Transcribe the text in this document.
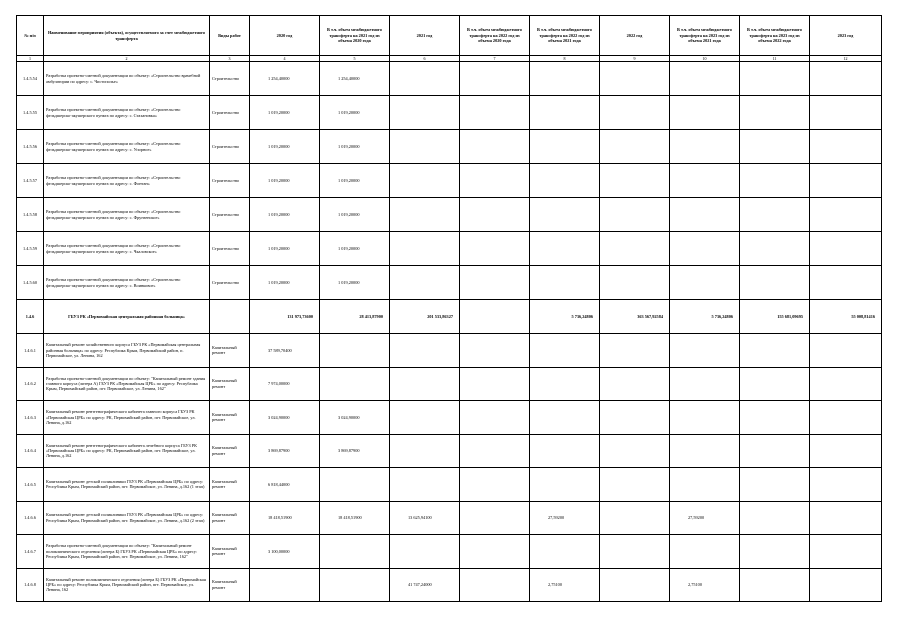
№ п/п	Наименование мероприятия (объекта), осуществляемого за счет межбюджетного трансферта	Виды работ	2020 год	В т.ч. объем межбюджетного трансферта на 2021 год из объема 2020 года	2021 год	В т.ч. объем межбюджетного трансферта на 2022 год из объема 2020 года	В т.ч. объем межбюджетного трансферта на 2022 год из объема 2021 года	2022 год	В т.ч. объем межбюджетного трансферта на 2023 год из объема 2021 года	В т.ч. объем межбюджетного трансферта на 2023 год из объема 2022 года	2023 год
1	2	3	4	5	6	7	8	9	10	11	12
1.4.5.54	Разработка проектно-сметной документации по объекту: «Строительство врачебной амбулатории по адресу: с. Чистополье»	Строительство	1 254,40000	1 254,40000							
1.4.5.55	Разработка проектно-сметной документации по объекту: «Строительство фельдшерско-акушерского пункта по адресу: с. Стахановка»	Строительство	1 019,20000	1 019,20000							
1.4.5.56	Разработка проектно-сметной документации по объекту: «Строительство фельдшерско-акушерского пункта по адресу: с. Упорное»	Строительство	1 019,20000	1 019,20000							
1.4.5.57	Разработка проектно-сметной документации по объекту: «Строительство фельдшерско-акушерского пункта по адресу: с. Фонтан»	Строительство	1 019,20000	1 019,20000							
1.4.5.58	Разработка проектно-сметной документации по объекту: «Строительство фельдшерско-акушерского пункта по адресу: с. Фрунзенское»	Строительство	1 019,20000	1 019,20000							
1.4.5.59	Разработка проектно-сметной документации по объекту: «Строительство фельдшерско-акушерского пункта по адресу: с. Чкаловское»	Строительство	1 019,20000	1 019,20000							
1.4.5.60	Разработка проектно-сметной документации по объекту: «Строительство фельдшерско-акушерского пункта по адресу: с. Воинковое»	Строительство	1 019,20000	1 019,20000							
1.4.6	ГБУЗ РК «Первомайская центральная районная больница»		131 973,73600	28 413,87900	201 533,86327		5 736,24806	363 567,92584	5 736,24806	155 681,09695	55 008,81416
1.4.6.1	Капитальный ремонт хозяйственного корпуса ГБУЗ РК «Первомайская центральная районная больница» по адресу: Республика Крым, Первомайский район, п. Первомайское, ул. Ленина, 162	Капитальный ремонт	37 589,70400								
1.4.6.2	Разработка проектно-сметной документации по объекту: "Капитальный ремонт здания главного корпуса (литера А) ГБУЗ РК «Первомайская ЦРБ» по адресу: Республика Крым, Первомайский район, пгт. Первомайское, ул. Ленина, 162"	Капитальный ремонт	7 974,00000								
1.4.6.3	Капитальный ремонт рентгенографического кабинета главного корпуса ГБУЗ РК «Первомайская ЦРБ» по адресу: РК, Первомайский район, пгт. Первомайское, ул. Ленина, д.162	Капитальный ремонт	3 024,90000	3 024,90000							
1.4.6.4	Капитальный ремонт рентгенографического кабинета лечебного корпуса ГБУЗ РК «Первомайская ЦРБ» по адресу: РК, Первомайский район, пгт. Первомайское, ул. Ленина, д.162	Капитальный ремонт	3 869,87900	3 869,87900							
1.4.6.5	Капитальный ремонт детской поликлиники ГБУЗ РК «Первомайская ЦРБ» по адресу: Республика Крым, Первомайский район, пгт. Первомайское, ул. Ленина, д.162 (1 этап)	Капитальный ремонт	6 818,44000								
1.4.6.6	Капитальный ремонт детской поликлиники ГБУЗ РК «Первомайская ЦРБ» по адресу: Республика Крым, Первомайский район, пгт. Первомайское, ул. Ленина, д.162 (2 этап)	Капитальный ремонт	18 418,51900	18 418,51900	13 625,94100		27,59200		27,59200		
1.4.6.7	Разработка проектно-сметной документации по объекту: "Капитальный ремонт поликлинического отделения (литера Б) ГБУЗ РК «Первомайская ЦРБ» по адресу: Республика Крым, Первомайский район, пгт. Первомайское, ул. Ленина, 162"	Капитальный ремонт	3 100,00000								
1.4.6.8	Капитальный ремонт поликлинического отделения (литера Б) ГБУЗ РК «Первомайская ЦРБ» по адресу: Республика Крым, Первомайский район, пгт. Первомайское, ул. Ленина, 162	Капитальный ремонт			41 747,24000		2,75100		2,75100		
